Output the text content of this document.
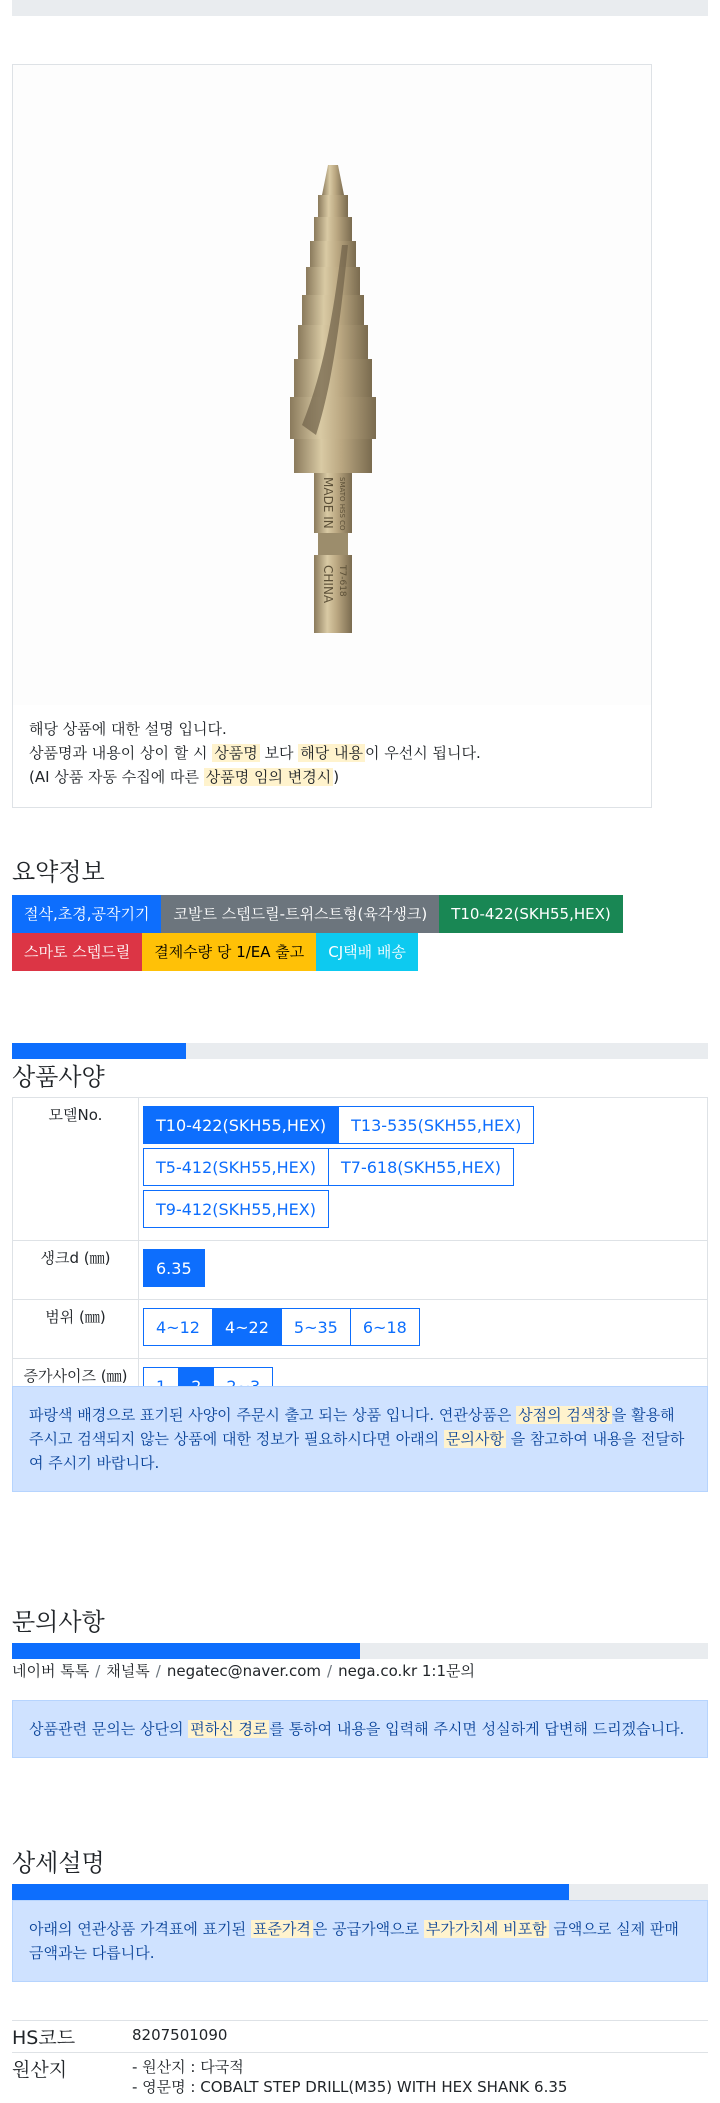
MADE IN
CHINA T7-618
SMATO HSS CO
해당 상품에 대한 설명 입니다.
상품명과 내용이 상이 할 시 상품명 보다 해당 내용 이 우선시 됩니다.
(AI 상품 자동 수집에 따른 상품명 임의 변경시 )
요약정보
절삭,초경,공작기기	코발트 스텝드릴-트위스트형(육각생크)	T10-422(SKH55,HEX)
스마토 스텝드릴	결제수량 당 1/EA 출고	CJ택배 배송
상품사양
모델No.	T10-422(SKH55,HEX) T13-535(SKH55,HEX)
T5-412(SKH55,HEX) T7-618(SKH55,HEX)
T9-412(SKH55,HEX)

생크d (㎜)	6.35

범위 (㎜)	4~12 4~22 5~35 6~18

증가사이즈 (㎜)	
파랑색 배경으로 표기된 사양이 주문시 출고 되는 상품 입니다. 연관상품은 상점의 검색창 을 활용해 주시고 검색되지 않는 상품에 대한 정보가 필요하시다면 아래의 문의사항 을 참고하여 내용을 전달하여 주시기 바랍니다.
문의사항
네이버 톡톡 / 채널톡 / negatec@naver.com / nega.co.kr 1:1문의
상품관련 문의는 상단의 편하신 경로 를 통하여 내용을 입력해 주시면 성실하게 답변해 드리겠습니다.
상세설명
아래의 연관상품 가격표에 표기된 표준가격 은 공급가액으로 부가가치세 비포함 금액으로 실제 판매금액과는 다릅니다.
HS코드	8207501090
원산지	- 원산지 : 다국적
- 영문명 : COBALT STEP DRILL(M35) WITH HEX SHANK 6.35
